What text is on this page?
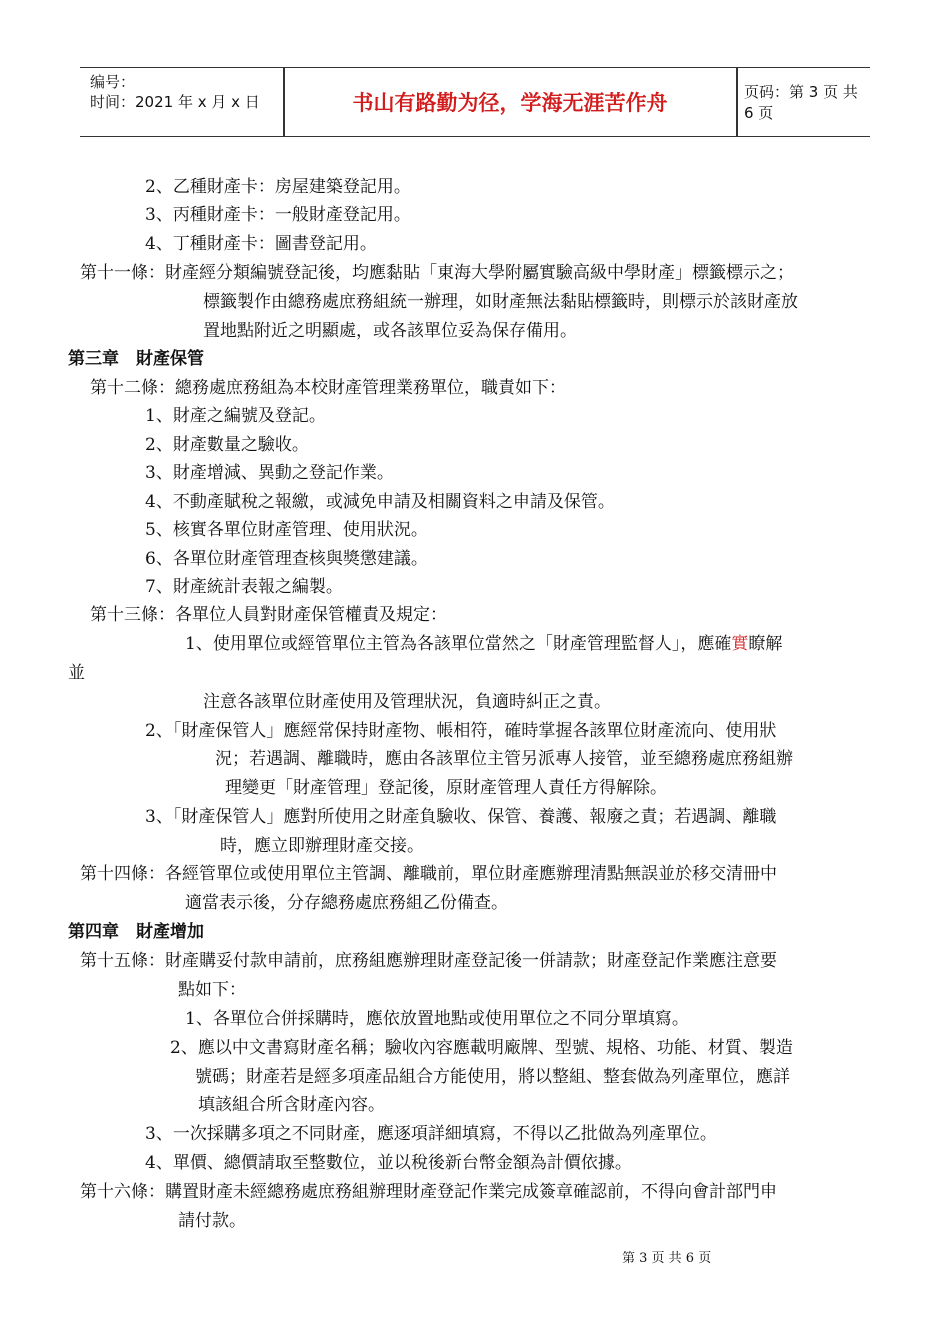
编号：
时间：2021 年 x 月 x 日	书山有路勤为径，学海无涯苦作舟	页码：第 3 页 共 6 页
2、乙種財產卡：房屋建築登記用。
3、丙種財產卡：一般財產登記用。
4、丁種財產卡：圖書登記用。
第十一條：財產經分類編號登記後，均應黏貼「東海大學附屬實驗高級中學財產」標籤標示之；
標籤製作由總務處庶務組統一辦理，如財產無法黏貼標籤時，則標示於該財產放
置地點附近之明顯處，或各該單位妥為保存備用。
第三章　財產保管
第十二條：總務處庶務組為本校財產管理業務單位，職責如下：
1、財產之編號及登記。
2、財產數量之驗收。
3、財產增減、異動之登記作業。
4、不動產賦稅之報繳，或減免申請及相關資料之申請及保管。
5、核實各單位財產管理、使用狀況。
6、各單位財產管理查核與獎懲建議。
7、財產統計表報之編製。
第十三條：各單位人員對財產保管權責及規定：
1、使用單位或經管單位主管為各該單位當然之「財產管理監督人」，應確實瞭解
並
注意各該單位財產使用及管理狀況，負適時糾正之責。
2、「財產保管人」應經常保持財產物、帳相符，確時掌握各該單位財產流向、使用狀
況；若遇調、離職時，應由各該單位主管另派專人接管，並至總務處庶務組辦
理變更「財產管理」登記後，原財產管理人責任方得解除。
3、「財產保管人」應對所使用之財產負驗收、保管、養護、報廢之責；若遇調、離職
時，應立即辦理財產交接。
第十四條：各經管單位或使用單位主管調、離職前，單位財產應辦理清點無誤並於移交清冊中
適當表示後，分存總務處庶務組乙份備查。
第四章　財產增加
第十五條：財產購妥付款申請前，庶務組應辦理財產登記後一併請款；財產登記作業應注意要
點如下：
1、各單位合併採購時，應依放置地點或使用單位之不同分單填寫。
2、應以中文書寫財產名稱；驗收內容應載明廠牌、型號、規格、功能、材質、製造
號碼；財產若是經多項產品組合方能使用，將以整組、整套做為列產單位，應詳
填該組合所含財產內容。
3、一次採購多項之不同財產，應逐項詳細填寫，不得以乙批做為列產單位。
4、單價、總價請取至整數位，並以稅後新台幣金額為計價依據。
第十六條：購置財產未經總務處庶務組辦理財產登記作業完成簽章確認前，不得向會計部門申
請付款。
第 3 页 共 6 页
